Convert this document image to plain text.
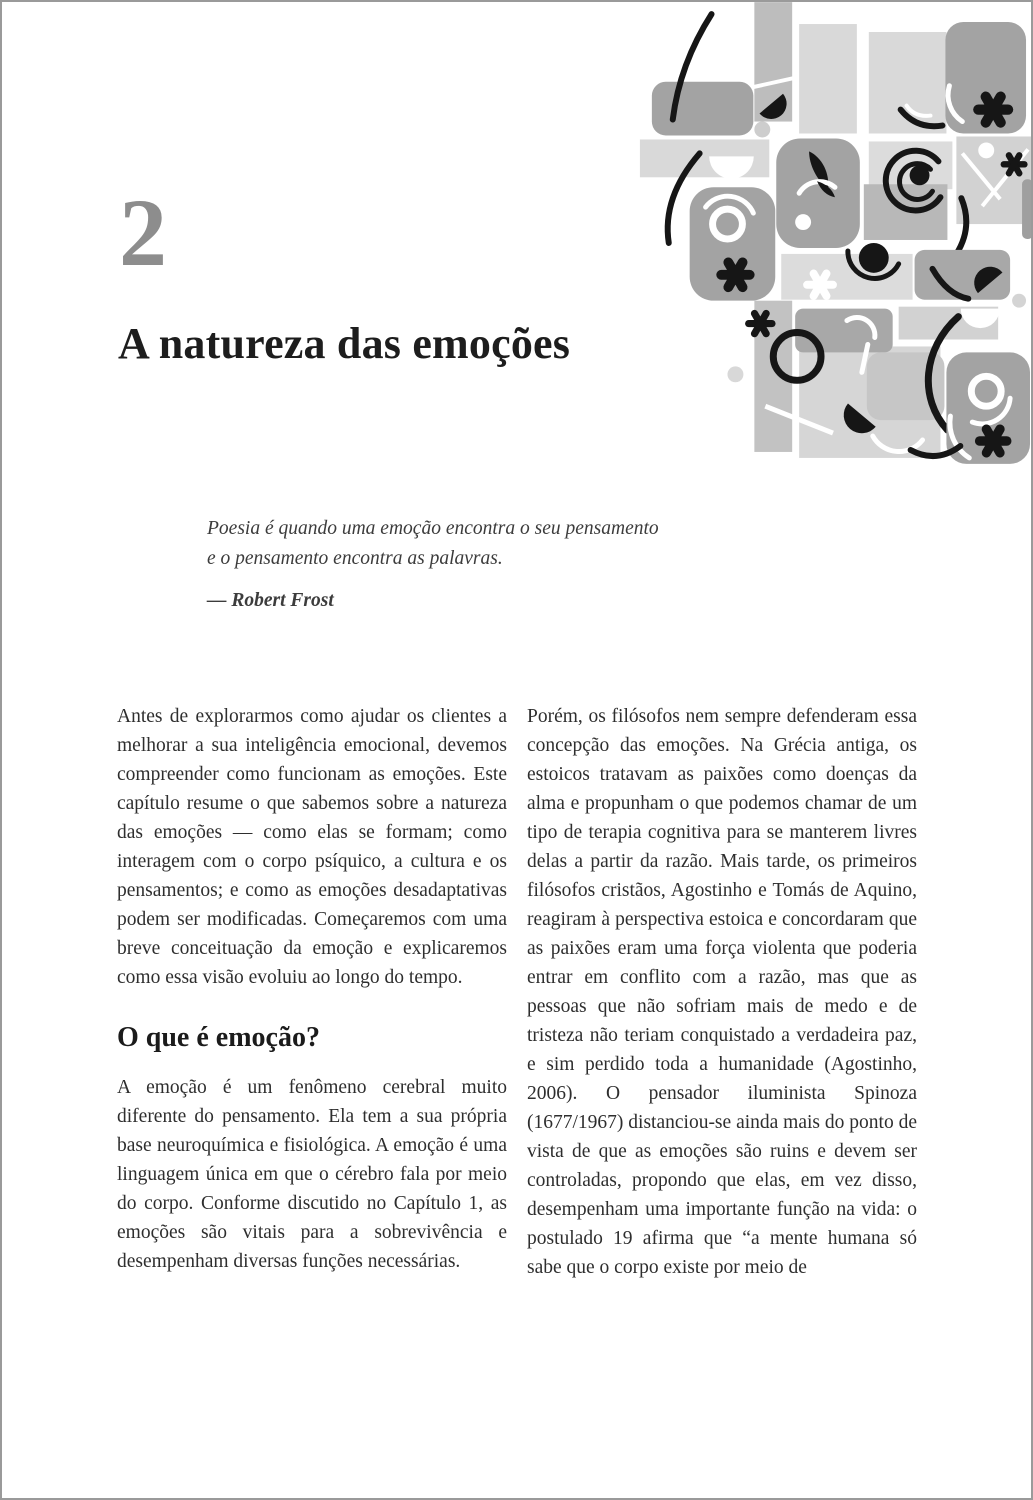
2
A natureza das emoções
Poesia é quando uma emoção encontra o seu pensamento
e o pensamento encontra as palavras.
— Robert Frost

Antes de explorarmos como ajudar os clientes a melhorar a sua inteligência emocional, devemos compreender como funcionam as emoções. Este capítulo resume o que sabemos sobre a natureza das emoções — como elas se formam; como interagem com o corpo psíquico, a cultura e os pensamentos; e como as emoções desadaptativas podem ser modificadas. Começaremos com uma breve conceituação da emoção e explicaremos como essa visão evoluiu ao longo do tempo.

O que é emoção?

A emoção é um fenômeno cerebral muito diferente do pensamento. Ela tem a sua própria base neuroquímica e fisiológica. A emoção é uma linguagem única em que o cérebro fala por meio do corpo. Conforme discutido no Capítulo 1, as emoções são vitais para a sobrevivência e desempenham diversas funções necessárias.

Porém, os filósofos nem sempre defenderam essa concepção das emoções. Na Grécia antiga, os estoicos tratavam as paixões como doenças da alma e propunham o que podemos chamar de um tipo de terapia cognitiva para se manterem livres delas a partir da razão. Mais tarde, os primeiros filósofos cristãos, Agostinho e Tomás de Aquino, reagiram à perspectiva estoica e concordaram que as paixões eram uma força violenta que poderia entrar em conflito com a razão, mas que as pessoas que não sofriam mais de medo e de tristeza não teriam conquistado a verdadeira paz, e sim perdido toda a humanidade (Agostinho, 2006). O pensador iluminista Spinoza (1677/1967) distanciou-se ainda mais do ponto de vista de que as emoções são ruins e devem ser controladas, propondo que elas, em vez disso, desempenham uma importante função na vida: o postulado 19 afirma que “a mente humana só sabe que o corpo existe por meio de
